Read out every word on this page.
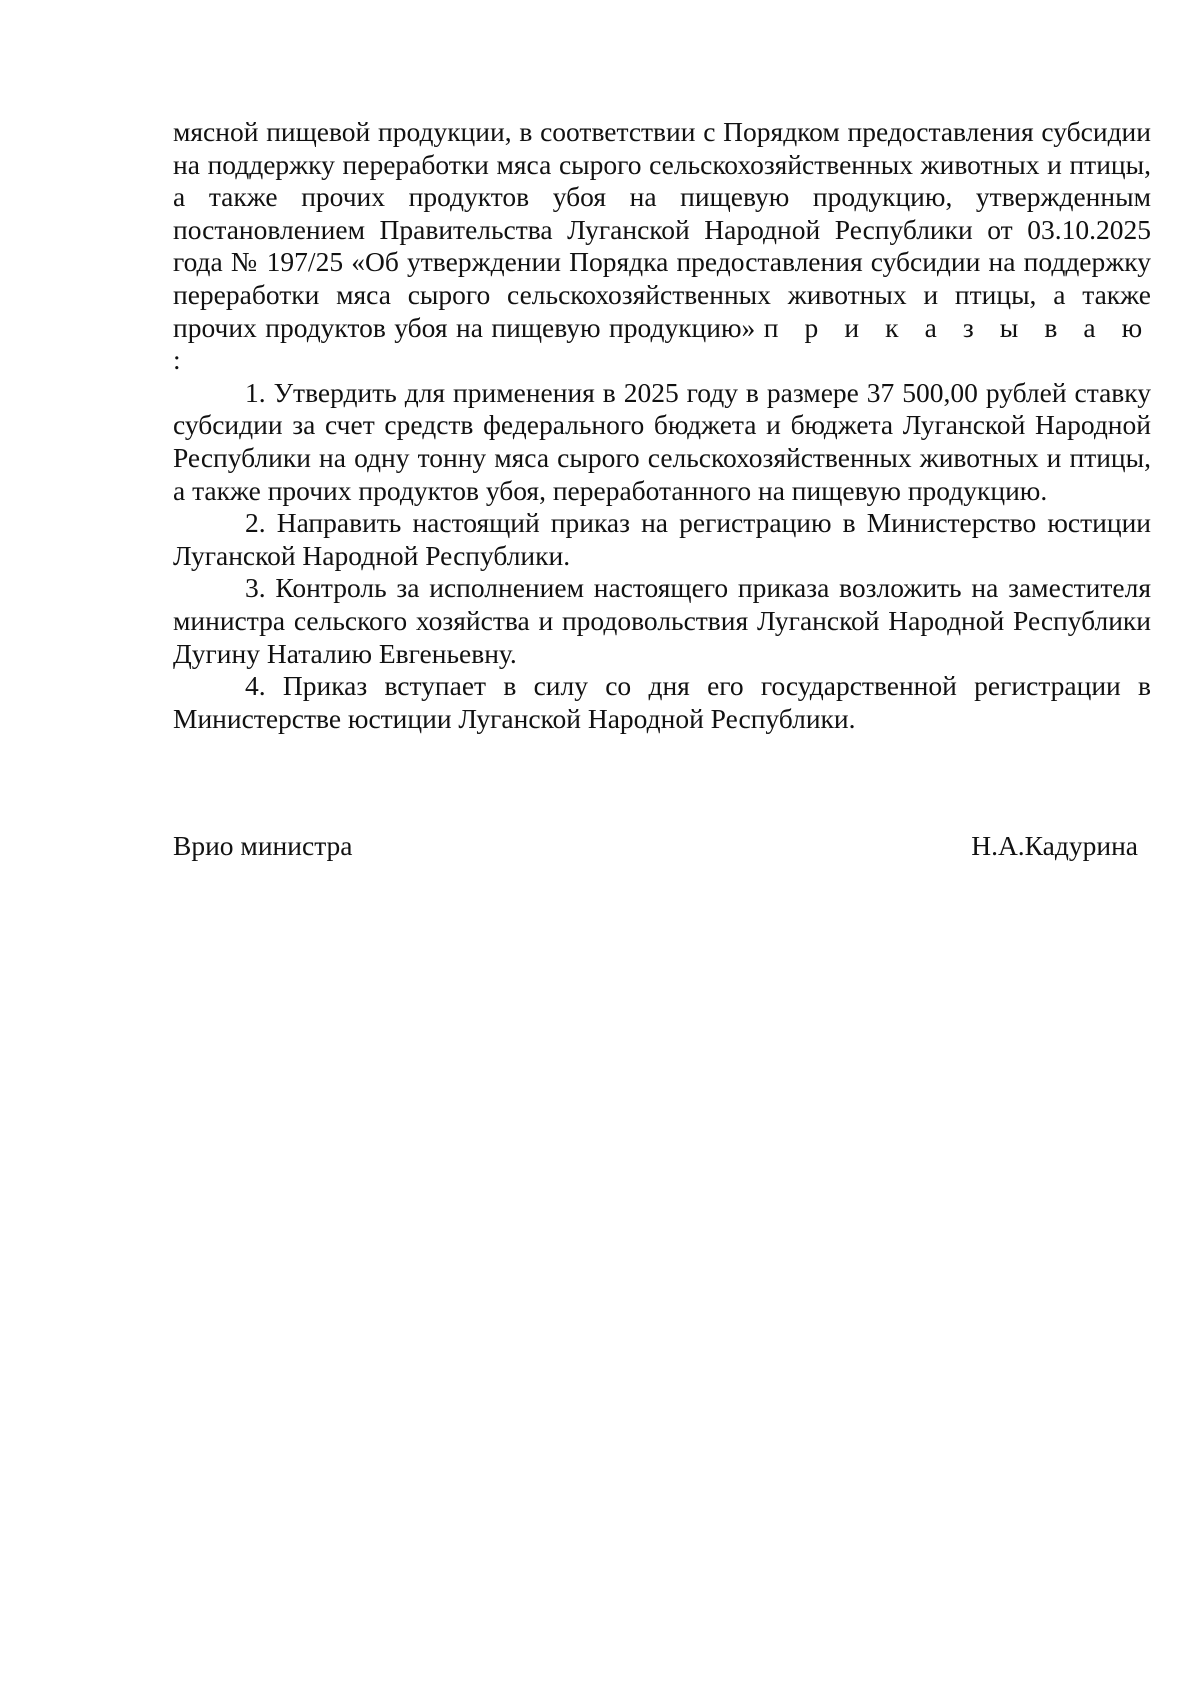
мясной пищевой продукции, в соответствии с Порядком предоставления субсидии на поддержку переработки мяса сырого сельскохозяйственных животных и птицы, а также прочих продуктов убоя на пищевую продукцию, утвержденным постановлением Правительства Луганской Народной Республики от 03.10.2025 года № 197/25 «Об утверждении Порядка предоставления субсидии на поддержку переработки мяса сырого сельскохозяйственных животных и птицы, а также прочих продуктов убоя на пищевую продукцию» п р и к а з ы в а ю :

1. Утвердить для применения в 2025 году в размере 37 500,00 рублей ставку субсидии за счет средств федерального бюджета и бюджета Луганской Народной Республики на одну тонну мяса сырого сельскохозяйственных животных и птицы, а также прочих продуктов убоя, переработанного на пищевую продукцию.

2. Направить настоящий приказ на регистрацию в Министерство юстиции Луганской Народной Республики.

3. Контроль за исполнением настоящего приказа возложить на заместителя министра сельского хозяйства и продовольствия Луганской Народной Республики Дугину Наталию Евгеньевну.

4. Приказ вступает в силу со дня его государственной регистрации в Министерстве юстиции Луганской Народной Республики.

Врио министра	Н.А.Кадурина
